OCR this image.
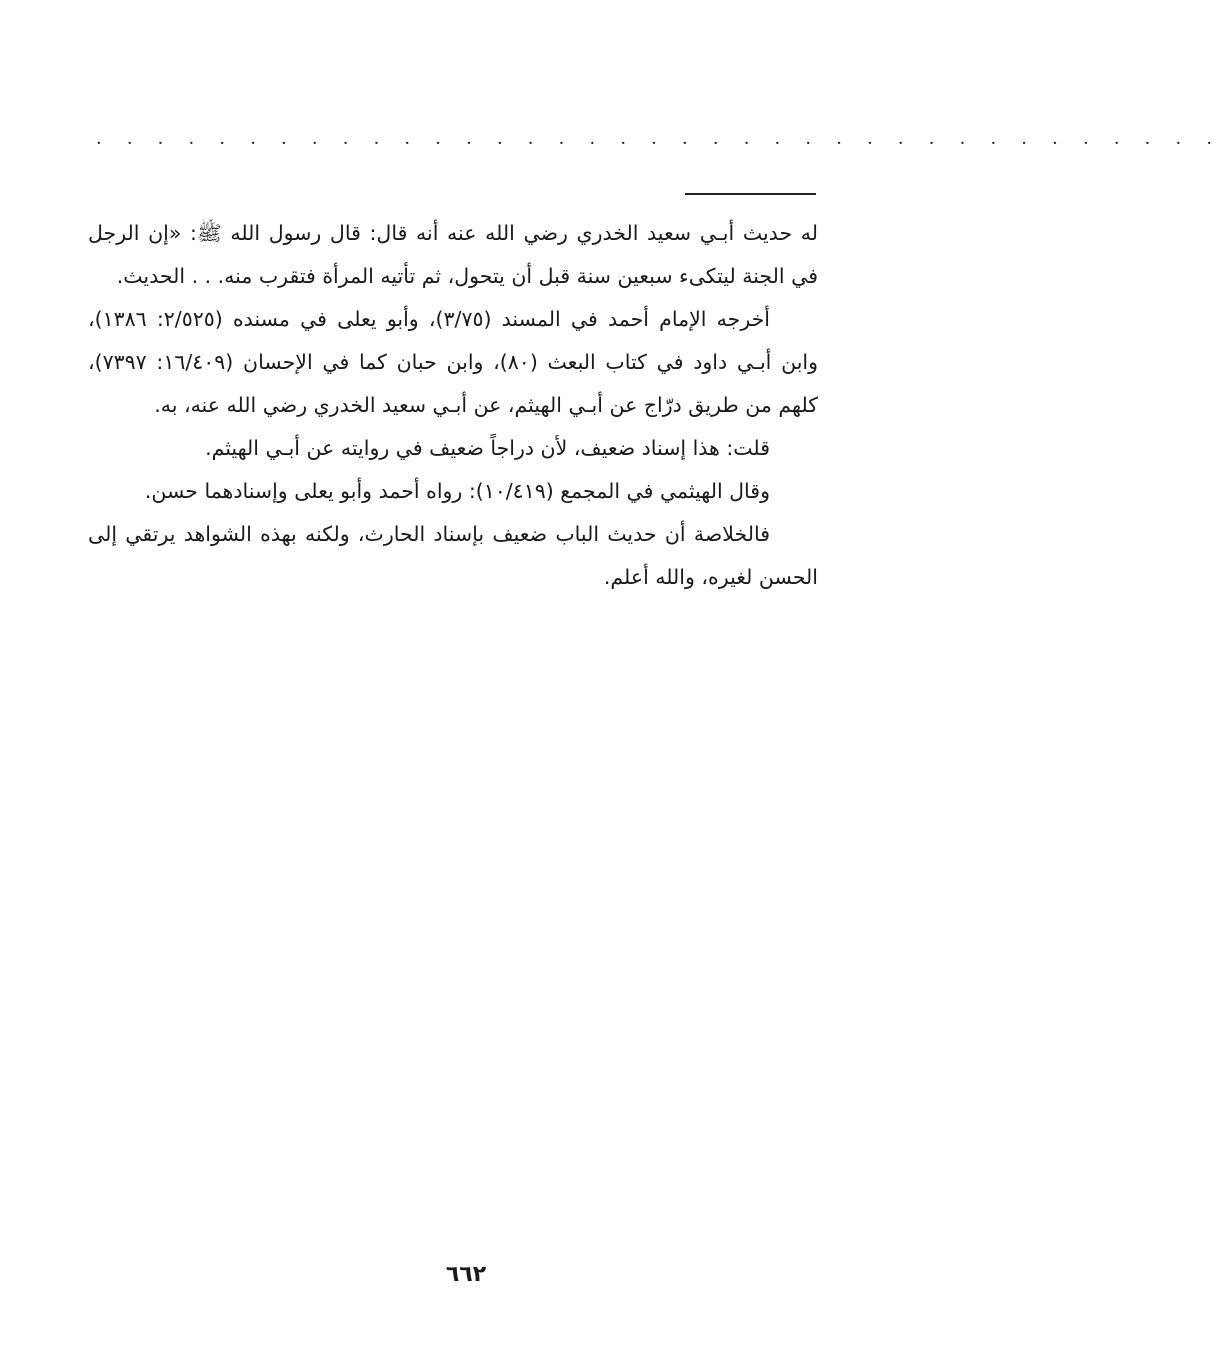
· · · · · · · · · · · · · · · · · · · · · · · · · · · · · · · · · · · · ·

له حديث أبـي سعيد الخدري رضي الله عنه أنه قال: قال رسول الله ﷺ: «إن الرجل في الجنة ليتكىء سبعين سنة قبل أن يتحول، ثم تأتيه المرأة فتقرب منه. . . الحديث.

أخرجه الإمام أحمد في المسند (٣/٧٥)، وأبو يعلى في مسنده (٢/٥٢٥: ١٣٨٦)، وابن أبـي داود في كتاب البعث (٨٠)، وابن حبان كما في الإحسان (١٦/٤٠٩: ٧٣٩٧)، كلهم من طريق درّاج عن أبـي الهيثم، عن أبـي سعيد الخدري رضي الله عنه، به.

قلت: هذا إسناد ضعيف، لأن دراجاً ضعيف في روايته عن أبـي الهيثم.

وقال الهيثمي في المجمع (١٠/٤١٩): رواه أحمد وأبو يعلى وإسنادهما حسن.

فالخلاصة أن حديث الباب ضعيف بإسناد الحارث، ولكنه بهذه الشواهد يرتقي إلى الحسن لغيره، والله أعلم.

٦٦٢
